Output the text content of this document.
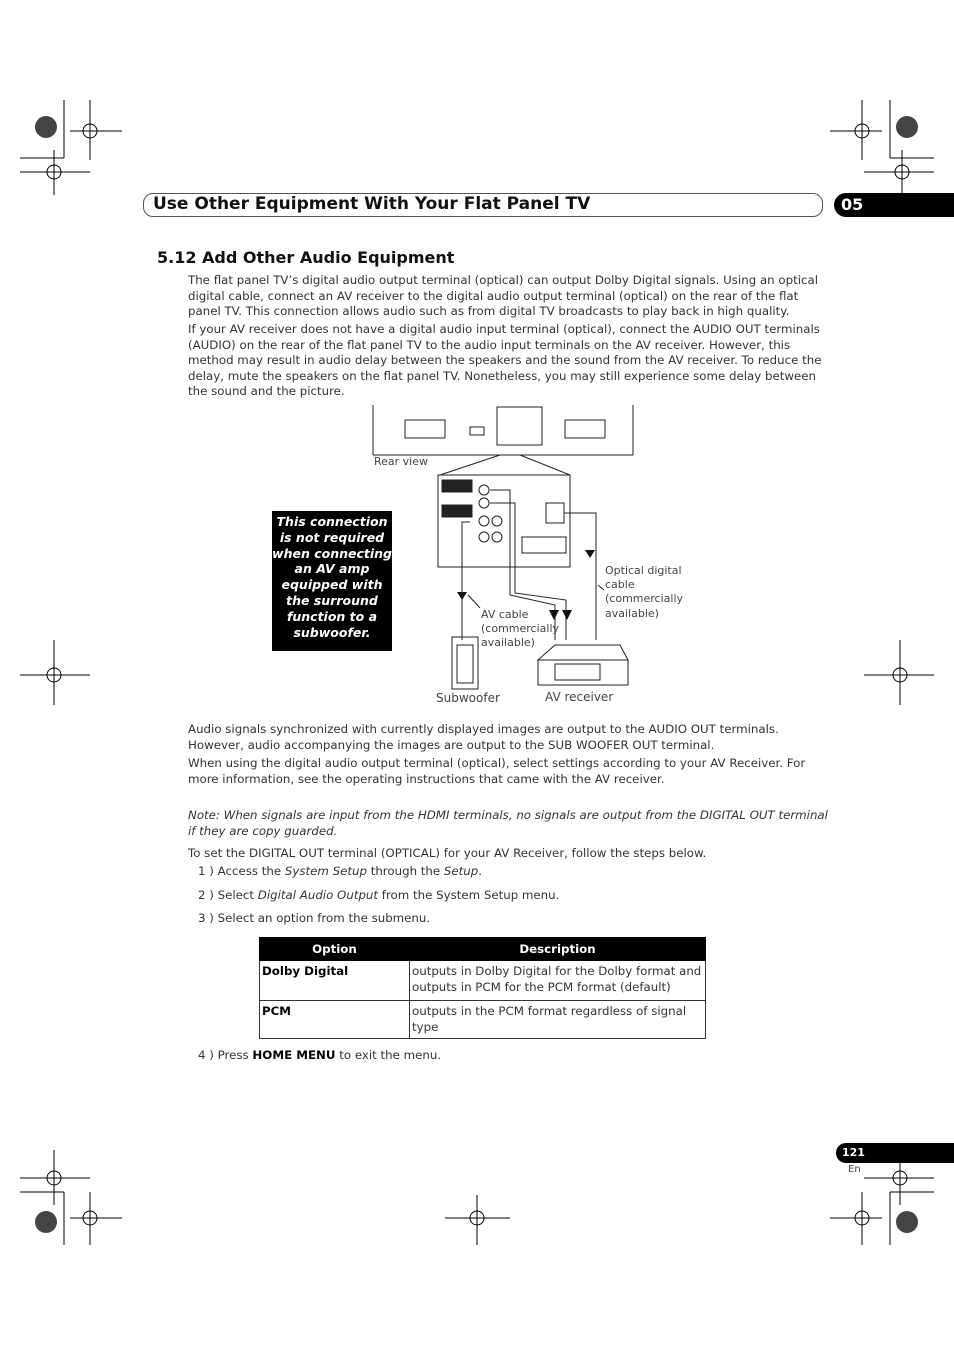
Use Other Equipment With Your Flat Panel TV	05
5.12 Add Other Audio Equipment
The flat panel TV’s digital audio output terminal (optical) can output Dolby Digital signals. Using an optical digital cable, connect an AV receiver to the digital audio output terminal (optical) on the rear of the flat panel TV. This connection allows audio such as from digital TV broadcasts to play back in high quality.
If your AV receiver does not have a digital audio input terminal (optical), connect the AUDIO OUT terminals (AUDIO) on the rear of the flat panel TV to the audio input terminals on the AV receiver. However, this method may result in audio delay between the speakers and the sound from the AV receiver. To reduce the delay, mute the speakers on the flat panel TV. Nonetheless, you may still experience some delay between the sound and the picture.
Rear view
This connection is not required when connecting an AV amp equipped with the surround function to a subwoofer.
Optical digital
cable
(commercially
available)
AV cable
(commercially
available)
Subwoofer	AV receiver
Audio signals synchronized with currently displayed images are output to the AUDIO OUT terminals. However, audio accompanying the images are output to the SUB WOOFER OUT terminal.
When using the digital audio output terminal (optical), select settings according to your AV Receiver. For more information, see the operating instructions that came with the AV receiver.
Note: When signals are input from the HDMI terminals, no signals are output from the DIGITAL OUT terminal if they are copy guarded.
To set the DIGITAL OUT terminal (OPTICAL) for your AV Receiver, follow the steps below.
1 ) Access the System Setup through the Setup.
2 ) Select Digital Audio Output from the System Setup menu.
3 ) Select an option from the submenu.
Option	Description
Dolby Digital	outputs in Dolby Digital for the Dolby format and outputs in PCM for the PCM format (default)
PCM	outputs in the PCM format regardless of signal type
4 ) Press HOME MENU to exit the menu.
121
En
